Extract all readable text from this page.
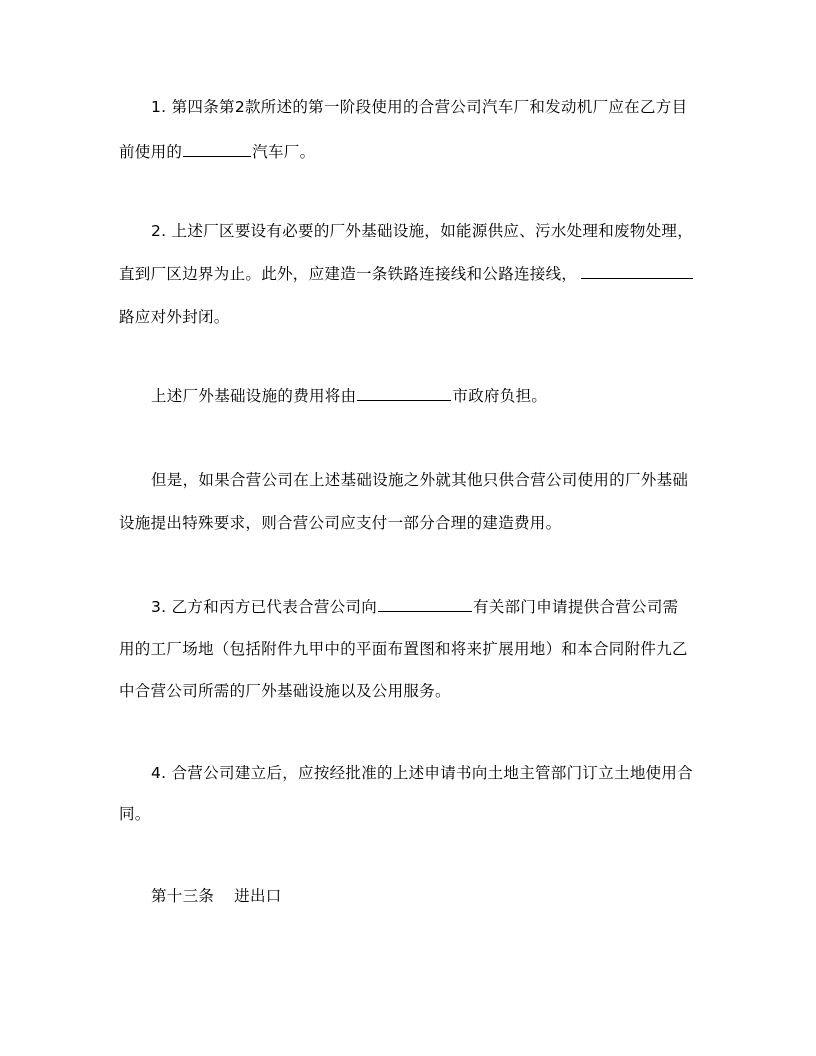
1. 第四条第2款所述的第一阶段使用的合营公司汽车厂和发动机厂应在乙方目
前使用的	汽车厂。
2. 上述厂区要设有必要的厂外基础设施，如能源供应、污水处理和废物处理，
直到厂区边界为止。此外，应建造一条铁路连接线和公路连接线，
路应对外封闭。
上述厂外基础设施的费用将由	市政府负担。
但是，如果合营公司在上述基础设施之外就其他只供合营公司使用的厂外基础
设施提出特殊要求，则合营公司应支付一部分合理的建造费用。
3. 乙方和丙方已代表合营公司向	有关部门申请提供合营公司需
用的工厂场地（包括附件九甲中的平面布置图和将来扩展用地）和本合同附件九乙
中合营公司所需的厂外基础设施以及公用服务。
4. 合营公司建立后，应按经批准的上述申请书向土地主管部门订立土地使用合
同。
第十三条 进出口
